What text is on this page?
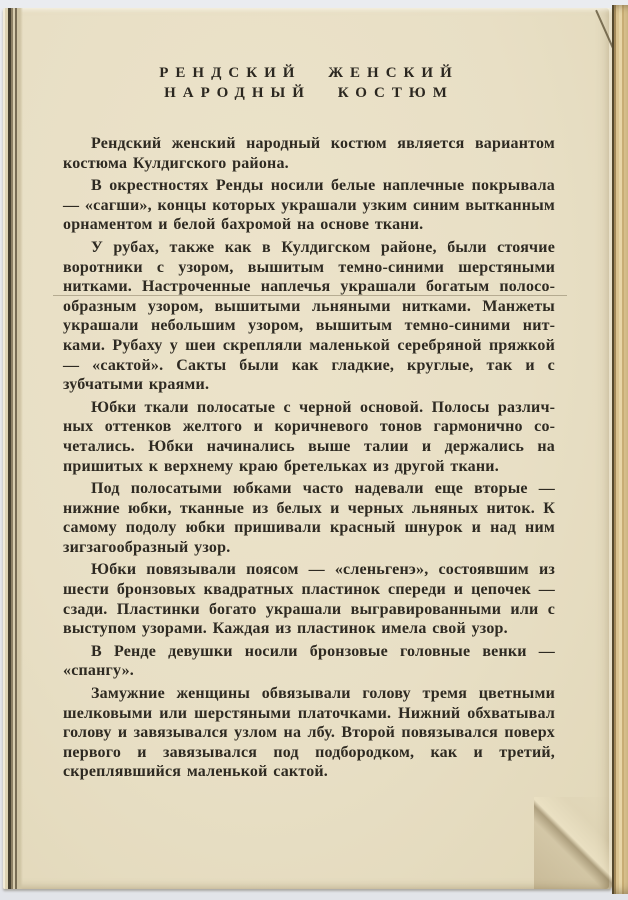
РЕНДСКИЙ ЖЕНСКИЙ
НАРОДНЫЙ КОСТЮМ

Рендский женский народный костюм является вариантом костюма Кулдигского района.

В окрестностях Ренды носили белые наплечные покрывала — «сагши», концы которых украшали узким синим вытканным орнаментом и белой бахромой на основе ткани.

У рубах, также как в Кулдигском районе, были стоячие воротники с узором, вышитым темно-синими шерстяными нитками. Настроченные наплечья украшали богатым полосообразным узором, вышитыми льняными нитками. Манжеты украшали небольшим узором, вышитым темно-синими нитками. Рубаху у шеи скрепляли маленькой серебряной пряжкой — «сактой». Сакты были как гладкие, круглые, так и с зубчатыми краями.

Юбки ткали полосатые с черной основой. Полосы различных оттенков желтого и коричневого тонов гармонично сочетались. Юбки начинались выше талии и держались на пришитых к верхнему краю бретельках из другой ткани.

Под полосатыми юбками часто надевали еще вторые — нижние юбки, тканные из белых и черных льняных ниток. К самому подолу юбки пришивали красный шнурок и над ним зигзагообразный узор.

Юбки повязывали поясом — «сленьгенэ», состоявшим из шести бронзовых квадратных пластинок спереди и цепочек — сзади. Пластинки богато украшали выгравированными или с выступом узорами. Каждая из пластинок имела свой узор.

В Ренде девушки носили бронзовые головные венки — «спангу».

Замужние женщины обвязывали голову тремя цветными шелковыми или шерстяными платочками. Нижний обхватывал голову и завязывался узлом на лбу. Второй повязывался поверх первого и завязывался под подбородком, как и третий, скреплявшийся маленькой сактой.
